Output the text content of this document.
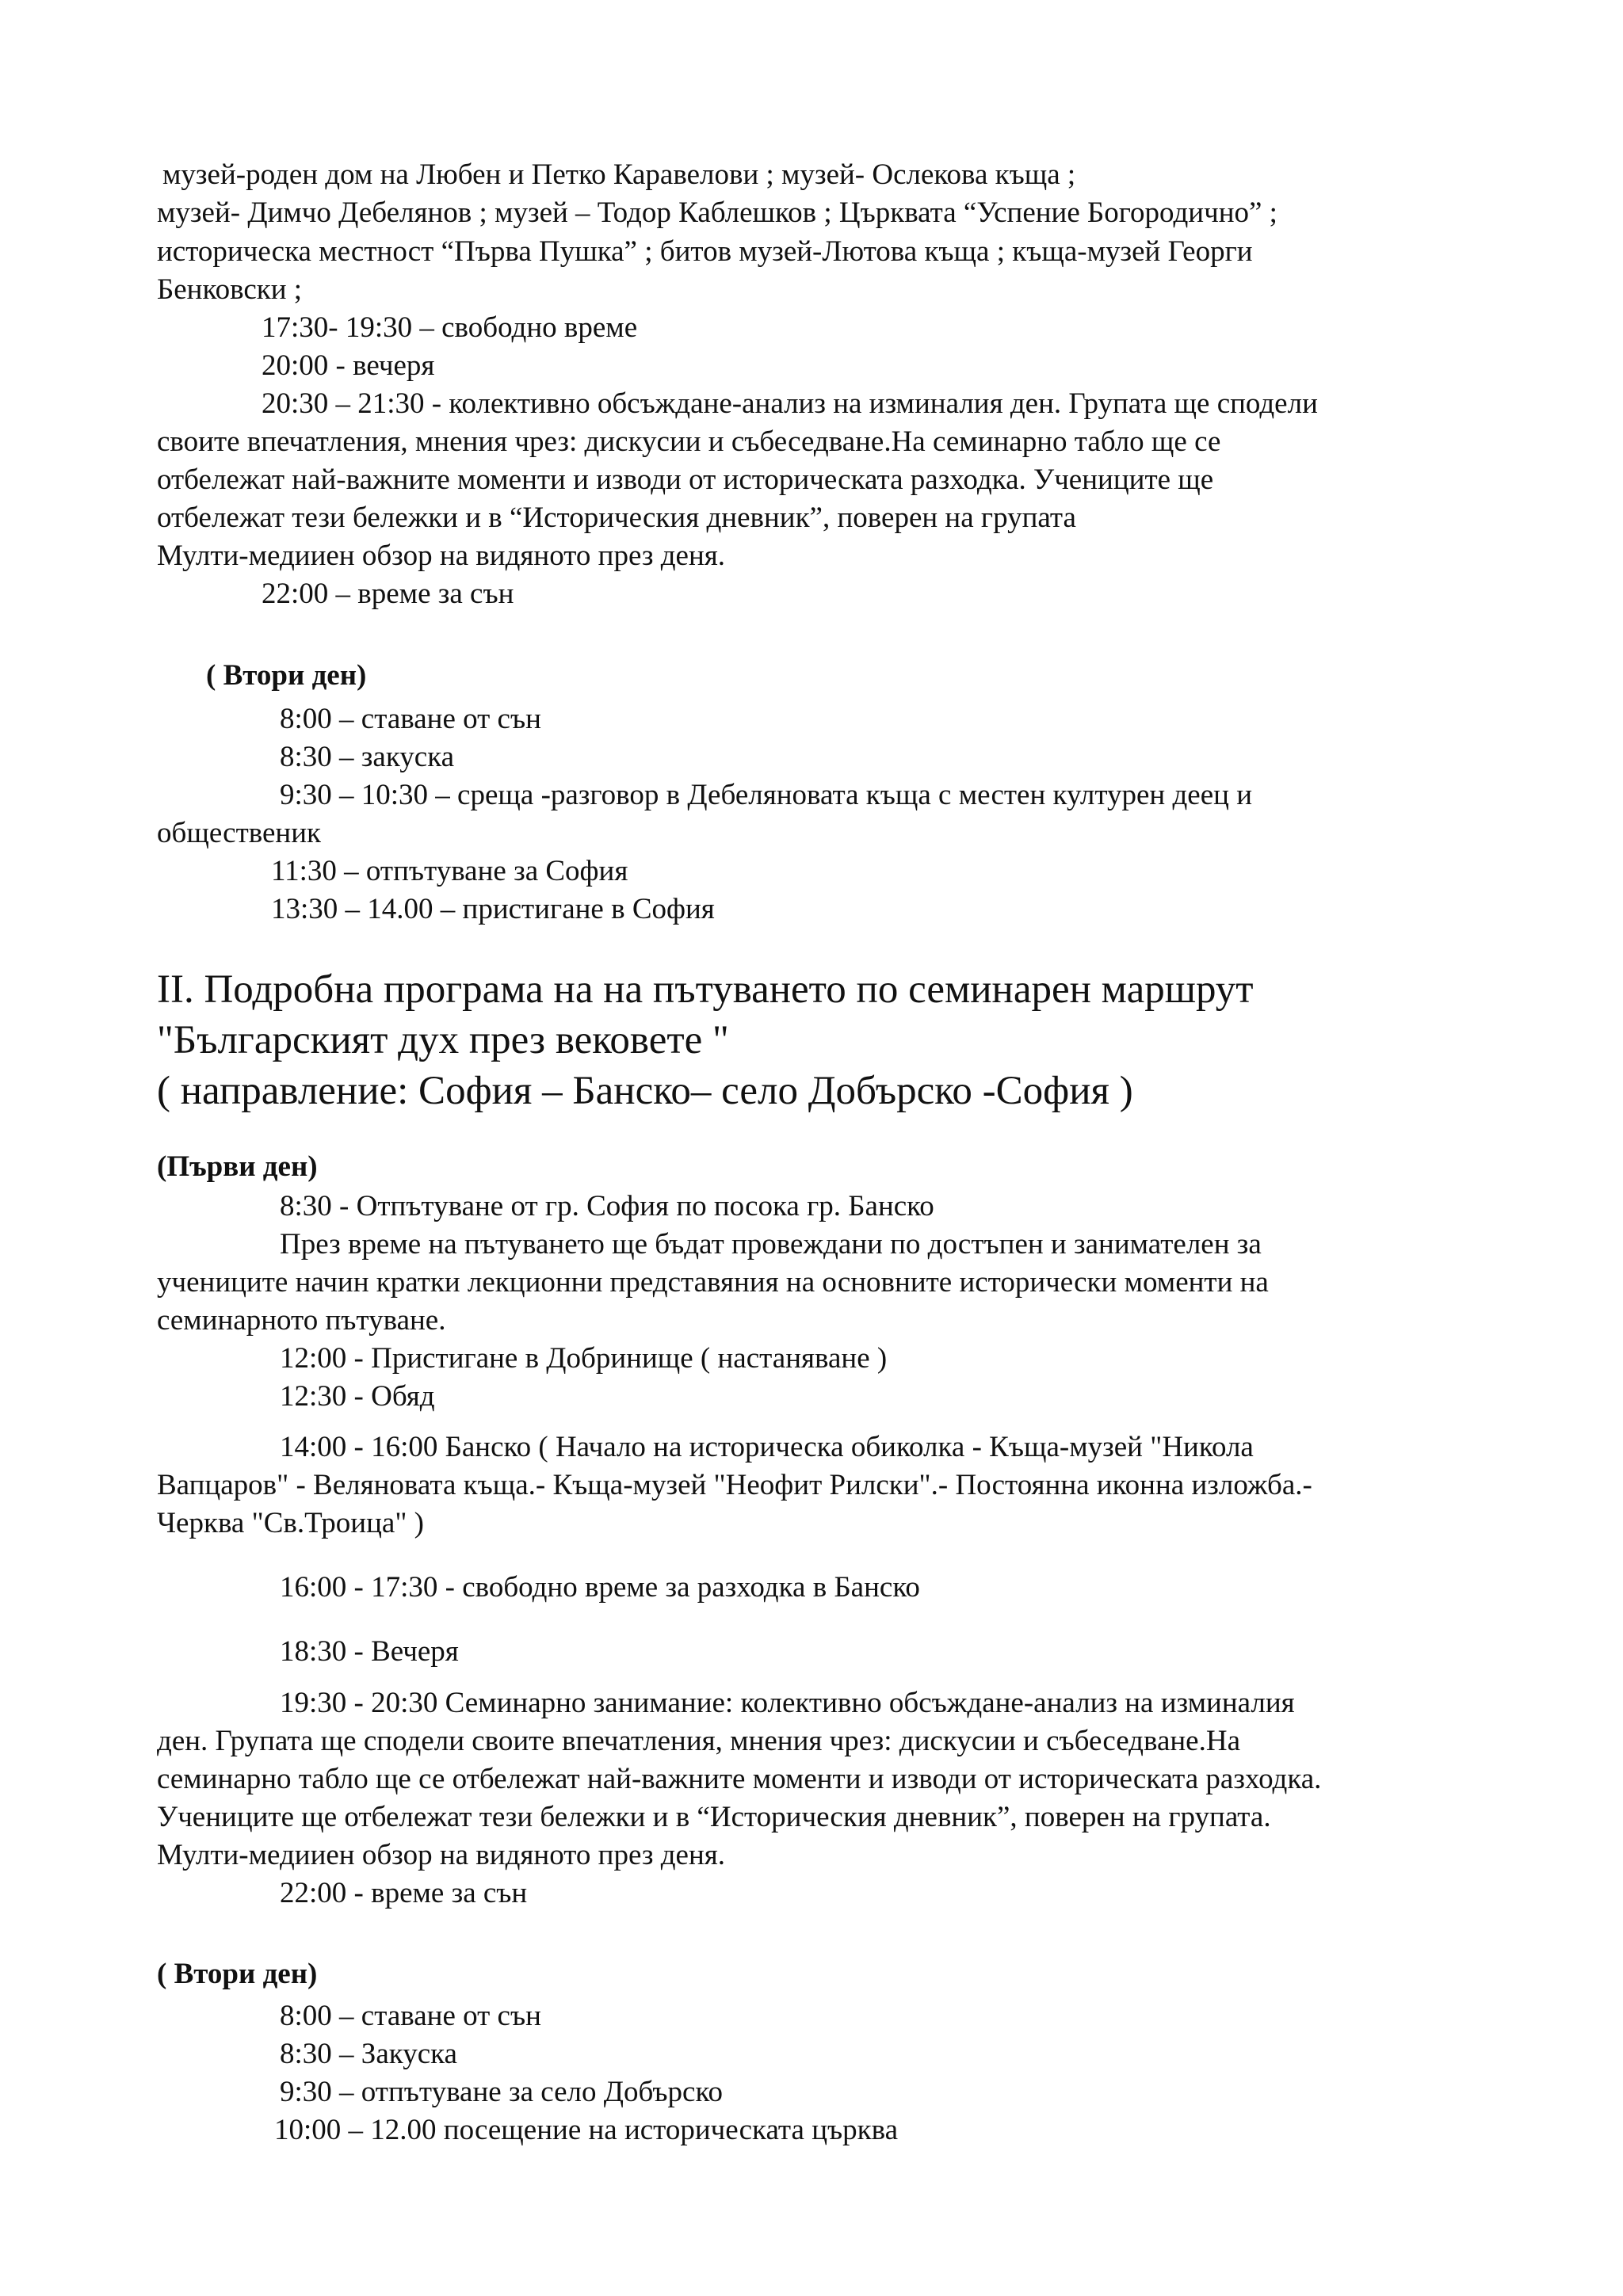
музей-роден дом на Любен и Петко Каравелови ; музей- Ослекова къща ;
музей- Димчо Дебелянов ; музей – Тодор Каблешков ; Църквата “Успение Богородично” ;
историческа местност “Първа Пушка” ; битов музей-Лютова къща ; къща-музей Георги
Бенковски ;
17:30- 19:30 – свободно време
20:00 - вечеря
20:30 – 21:30 - колективно обсъждане-анализ на изминалия ден. Групата ще сподели
своите впечатления, мнения чрез: дискусии и събеседване.На семинарно табло ще се
отбележат най-важните моменти и изводи от историческата разходка. Учениците ще
отбележат тези бележки и в “Историческия дневник”, поверен на групата
Мулти-медииен обзор на видяното през деня.
22:00 – време за сън
( Втори ден)
8:00 – ставане от сън
8:30 – закуска
9:30 – 10:30 – среща -разговор в Дебеляновата къща с местен културен деец и
общественик
11:30 – отпътуване за София
13:30 – 14.00 – пристигане в София
II. Подробна програма на на пътуването по семинарен маршрут
"Българският дух през вековете "
( направление: София – Банско– село Добърско -София )
(Първи ден)
8:30 - Отпътуване от гр. София по посока гр. Банско
През време на пътуването ще бъдат провеждани по достъпен и занимателен за
учениците начин кратки лекционни представяния на основните исторически моменти на
семинарното пътуване.
12:00 - Пристигане в Добринище ( настаняване )
12:30 - Обяд
14:00 - 16:00 Банско ( Начало на историческа обиколка - Къща-музей "Никола
Вапцаров" - Веляновата къща.- Къща-музей "Неофит Рилски".- Постоянна иконна изложба.-
Черква "Св.Троица" )
16:00 - 17:30 - свободно време за разходка в Банско
18:30 - Вечеря
19:30 - 20:30 Семинарно занимание: колективно обсъждане-анализ на изминалия
ден. Групата ще сподели своите впечатления, мнения чрез: дискусии и събеседване.На
семинарно табло ще се отбележат най-важните моменти и изводи от историческата разходка.
Учениците ще отбележат тези бележки и в “Историческия дневник”, поверен на групата.
Мулти-медииен обзор на видяното през деня.
22:00 - време за сън
( Втори ден)
8:00 – ставане от сън
8:30 – Закуска
9:30 – отпътуване за село Добърско
10:00 – 12.00 посещение на историческата църква
